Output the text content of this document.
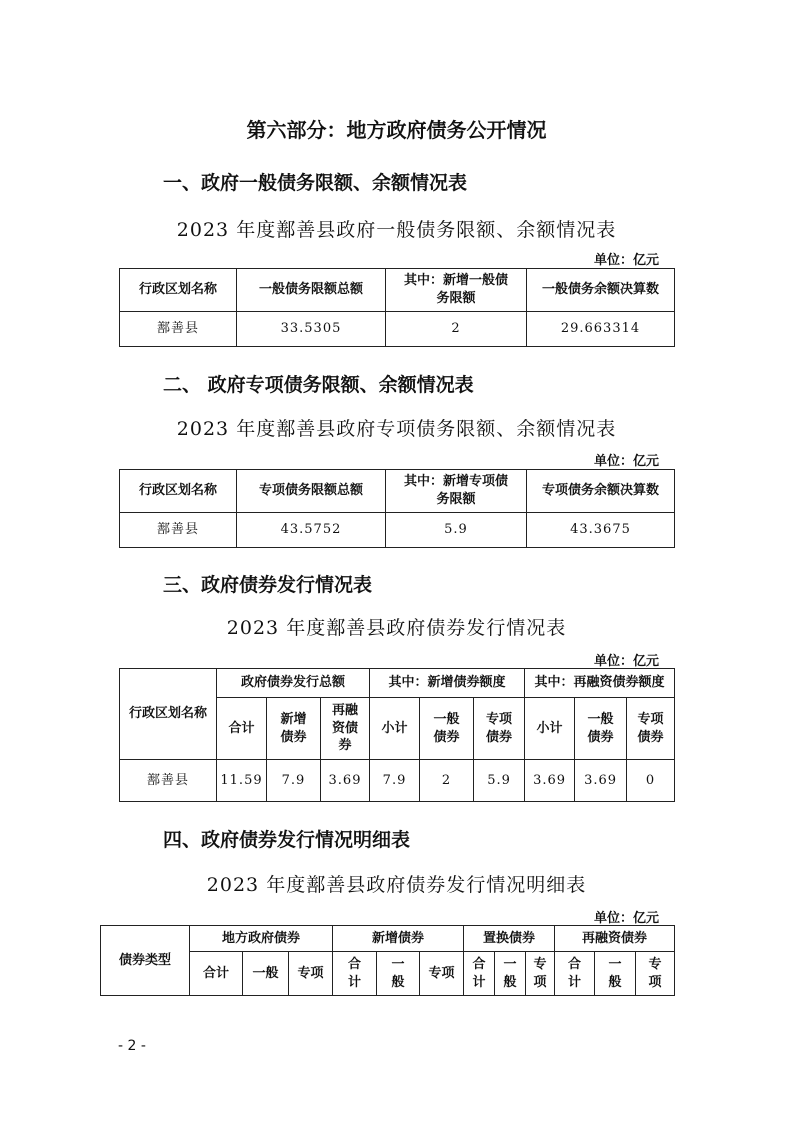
第六部分：地方政府债务公开情况
一、政府一般债务限额、余额情况表
2023 年度鄯善县政府一般债务限额、余额情况表
单位：亿元
行政区划名称	一般债务限额总额	其中：新增一般债务限额	一般债务余额决算数
鄯善县	33.5305	2	29.663314
二、 政府专项债务限额、余额情况表
2023 年度鄯善县政府专项债务限额、余额情况表
单位：亿元
行政区划名称	专项债务限额总额	其中：新增专项债务限额	专项债务余额决算数
鄯善县	43.5752	5.9	43.3675
三、政府债券发行情况表
2023 年度鄯善县政府债券发行情况表
单位：亿元
行政区划名称	政府债券发行总额			其中：新增债券额度			其中：再融资债券额度		
	合计	新增债券	再融资债券	小计	一般债券	专项债券	小计	一般债券	专项债券
鄯善县	11.59	7.9	3.69	7.9	2	5.9	3.69	3.69	0
四、政府债券发行情况明细表
2023 年度鄯善县政府债券发行情况明细表
单位：亿元
债券类型	地方政府债券			新增债券			置换债券			再融资债券		
	合计	一般	专项	合计	一般	专项	合计	一般	专项	合计	一般	专项
- 2 -
